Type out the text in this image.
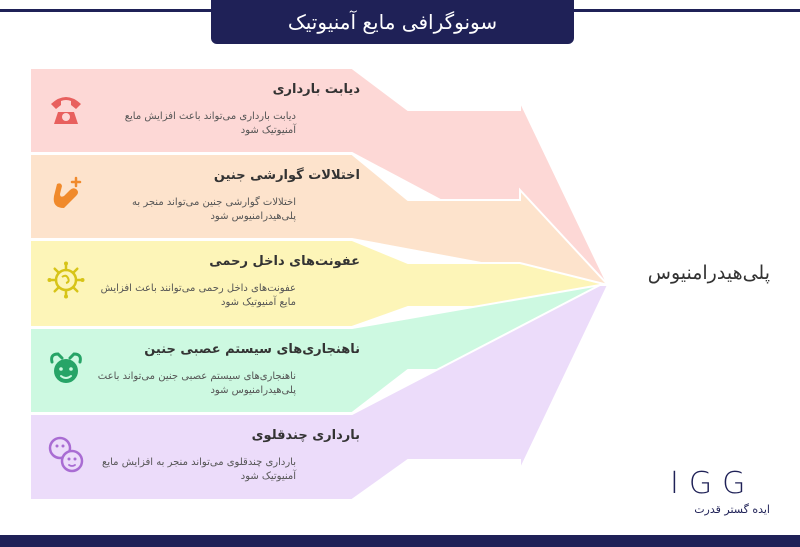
سونوگرافی مایع آمنیوتیک
دیابت بارداری
دیابت بارداری می‌تواند باعث افزایش مایع آمنیوتیک شود
اختلالات گوارشی جنین
اختلالات گوارشی جنین می‌تواند منجر به پلی‌هیدرامنیوس شود
عفونت‌های داخل رحمی
عفونت‌های داخل رحمی می‌توانند باعث افزایش مایع آمنیوتیک شود
ناهنجاری‌های سیستم عصبی جنین
ناهنجاری‌های سیستم عصبی جنین می‌تواند باعث پلی‌هیدرامنیوس شود
بارداری چندقلوی
بارداری چندقلوی می‌تواند منجر به افزایش مایع آمنیوتیک شود
پلی‌هیدرامنیوس
IGG
ایده گستر قدرت
